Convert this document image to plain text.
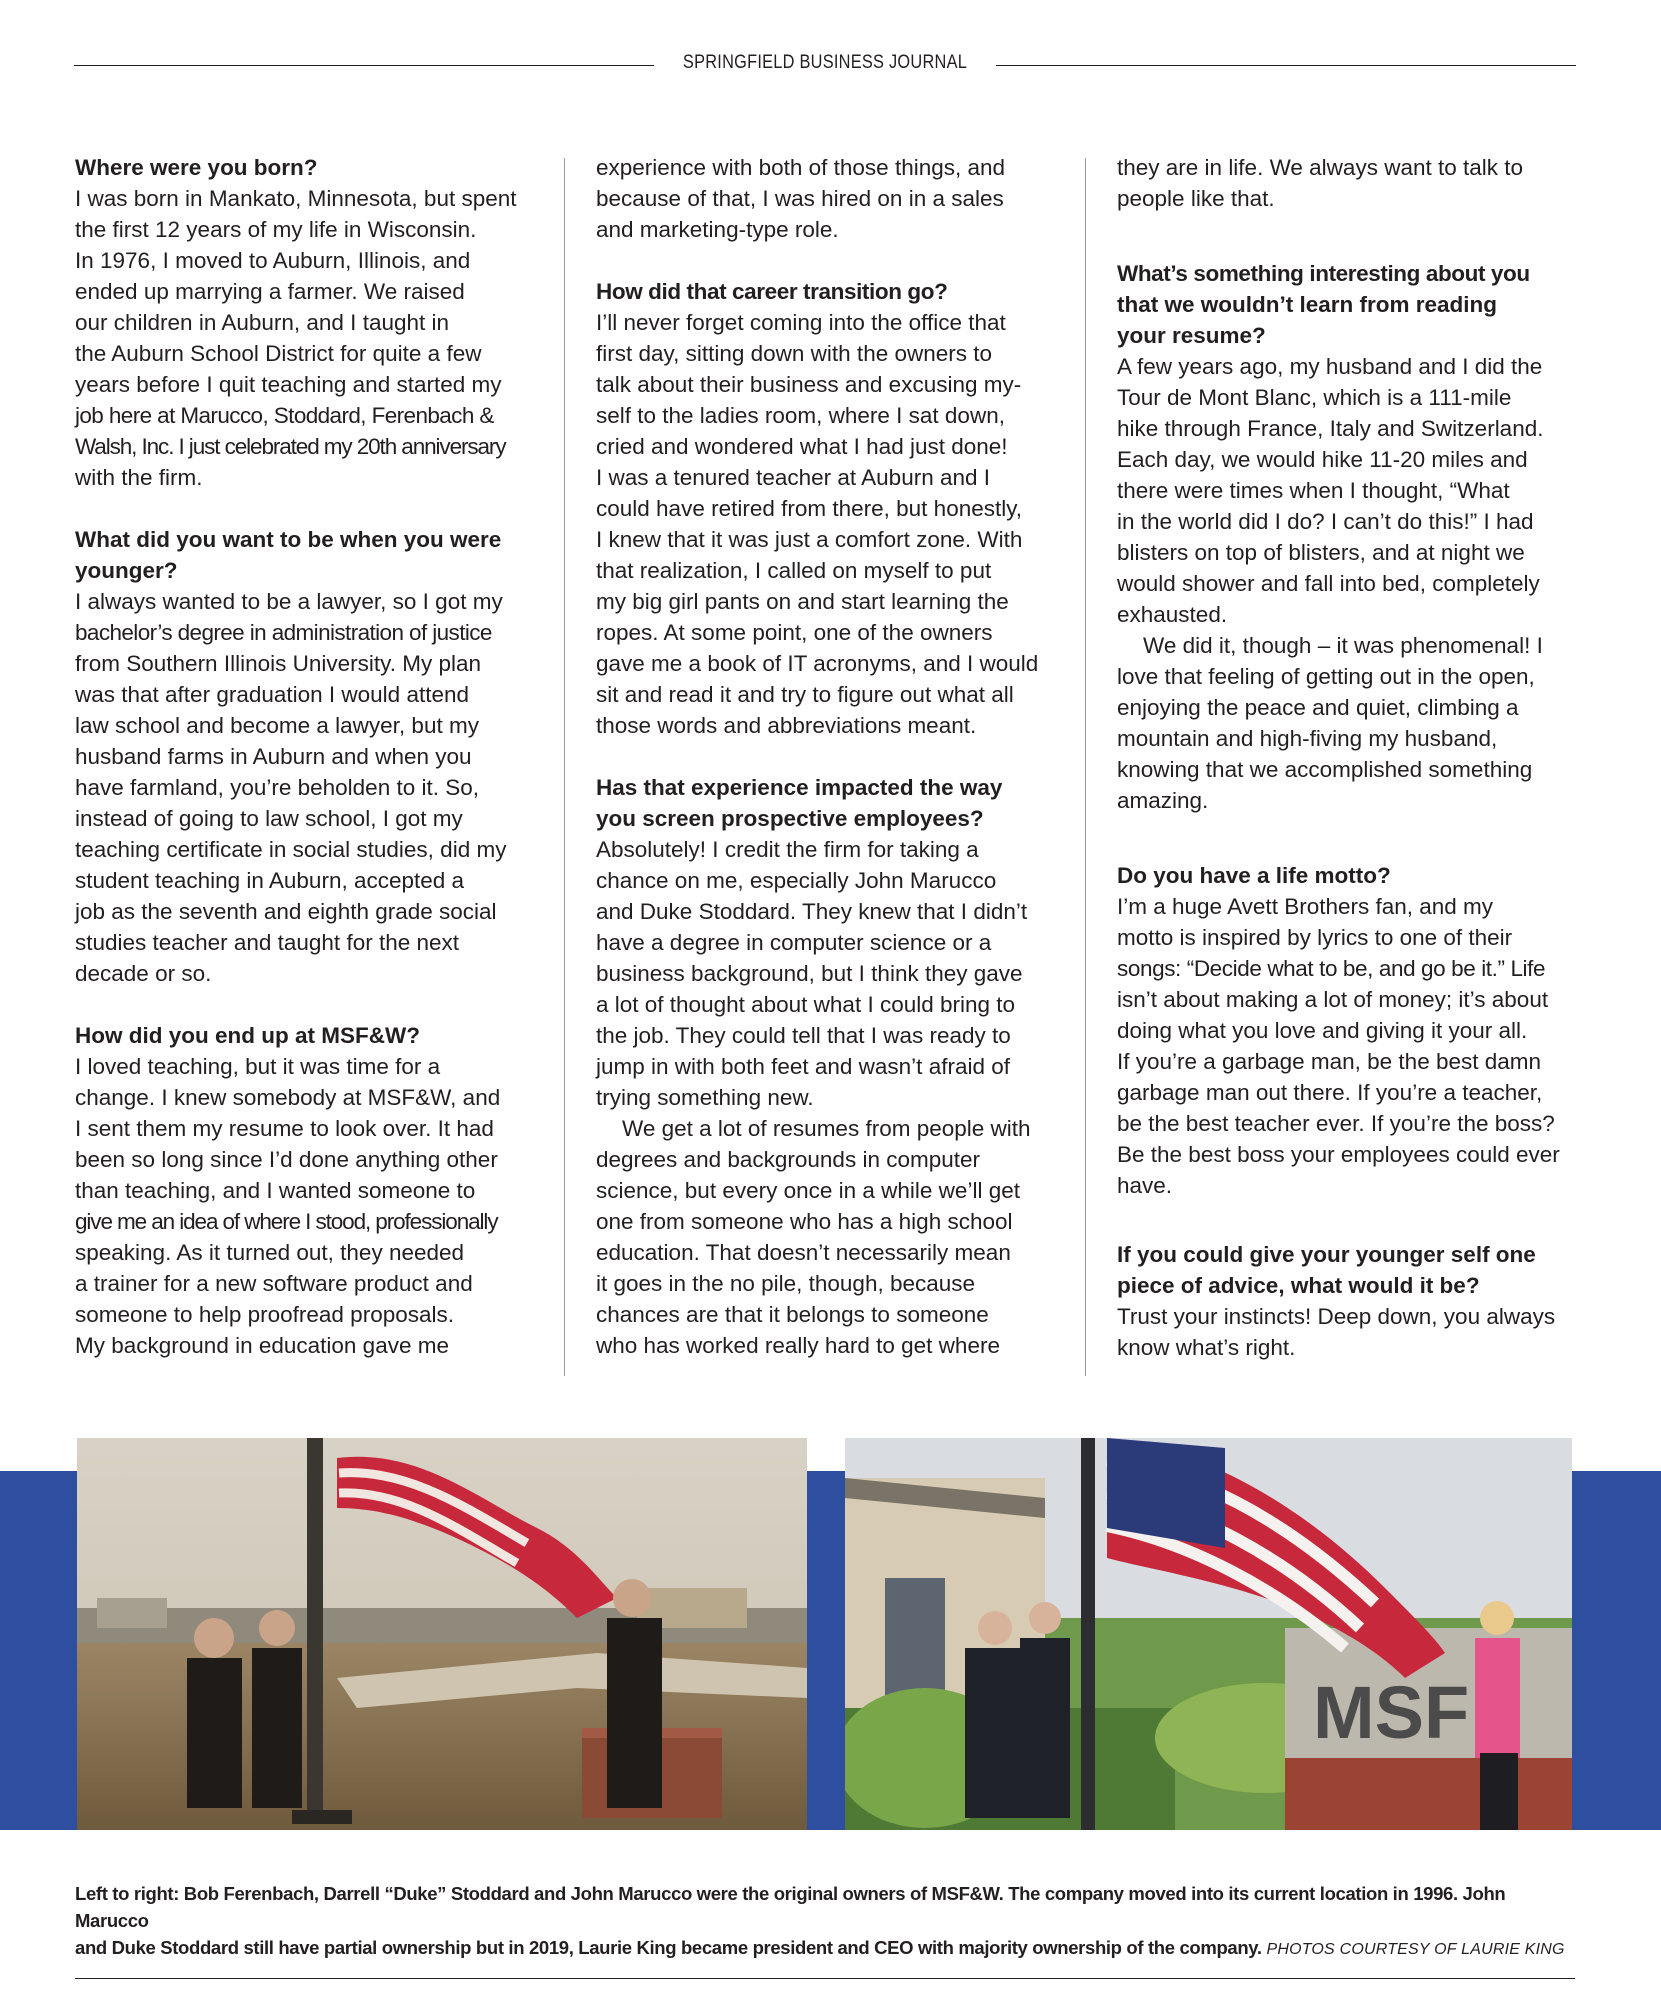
SPRINGFIELD BUSINESS JOURNAL
Where were you born?
I was born in Mankato, Minnesota, but spent
the first 12 years of my life in Wisconsin.
In 1976, I moved to Auburn, Illinois, and
ended up marrying a farmer. We raised
our children in Auburn, and I taught in
the Auburn School District for quite a few
years before I quit teaching and started my
job here at Marucco, Stoddard, Ferenbach &
Walsh, Inc. I just celebrated my 20th anniversary
with the firm.
What did you want to be when you were
younger?
I always wanted to be a lawyer, so I got my
bachelor’s degree in administration of justice
from Southern Illinois University. My plan
was that after graduation I would attend
law school and become a lawyer, but my
husband farms in Auburn and when you
have farmland, you’re beholden to it. So,
instead of going to law school, I got my
teaching certificate in social studies, did my
student teaching in Auburn, accepted a
job as the seventh and eighth grade social
studies teacher and taught for the next
decade or so.
How did you end up at MSF&W?
I loved teaching, but it was time for a
change. I knew somebody at MSF&W, and
I sent them my resume to look over. It had
been so long since I’d done anything other
than teaching, and I wanted someone to
give me an idea of where I stood, professionally
speaking. As it turned out, they needed
a trainer for a new software product and
someone to help proofread proposals.
My background in education gave me
experience with both of those things, and
because of that, I was hired on in a sales
and marketing-type role.
How did that career transition go?
I’ll never forget coming into the office that
first day, sitting down with the owners to
talk about their business and excusing my-
self to the ladies room, where I sat down,
cried and wondered what I had just done!
I was a tenured teacher at Auburn and I
could have retired from there, but honestly,
I knew that it was just a comfort zone. With
that realization, I called on myself to put
my big girl pants on and start learning the
ropes. At some point, one of the owners
gave me a book of IT acronyms, and I would
sit and read it and try to figure out what all
those words and abbreviations meant.
Has that experience impacted the way
you screen prospective employees?
Absolutely! I credit the firm for taking a
chance on me, especially John Marucco
and Duke Stoddard. They knew that I didn’t
have a degree in computer science or a
business background, but I think they gave
a lot of thought about what I could bring to
the job. They could tell that I was ready to
jump in with both feet and wasn’t afraid of
trying something new.
We get a lot of resumes from people with
degrees and backgrounds in computer
science, but every once in a while we’ll get
one from someone who has a high school
education. That doesn’t necessarily mean
it goes in the no pile, though, because
chances are that it belongs to someone
who has worked really hard to get where
they are in life. We always want to talk to
people like that.
What’s something interesting about you
that we wouldn’t learn from reading
your resume?
A few years ago, my husband and I did the
Tour de Mont Blanc, which is a 111-mile
hike through France, Italy and Switzerland.
Each day, we would hike 11-20 miles and
there were times when I thought, “What
in the world did I do? I can’t do this!” I had
blisters on top of blisters, and at night we
would shower and fall into bed, completely
exhausted.
We did it, though – it was phenomenal! I
love that feeling of getting out in the open,
enjoying the peace and quiet, climbing a
mountain and high-fiving my husband,
knowing that we accomplished something
amazing.
Do you have a life motto?
I’m a huge Avett Brothers fan, and my
motto is inspired by lyrics to one of their
songs: “Decide what to be, and go be it.” Life
isn’t about making a lot of money; it’s about
doing what you love and giving it your all.
If you’re a garbage man, be the best damn
garbage man out there. If you’re a teacher,
be the best teacher ever. If you’re the boss?
Be the best boss your employees could ever
have.
If you could give your younger self one
piece of advice, what would it be?
Trust your instincts! Deep down, you always
know what’s right.
MSF
Left to right: Bob Ferenbach, Darrell “Duke” Stoddard and John Marucco were the original owners of MSF&W. The company moved into its current location in 1996. John Marucco
and Duke Stoddard still have partial ownership but in 2019, Laurie King became president and CEO with majority ownership of the company. PHOTOS COURTESY OF LAURIE KING
